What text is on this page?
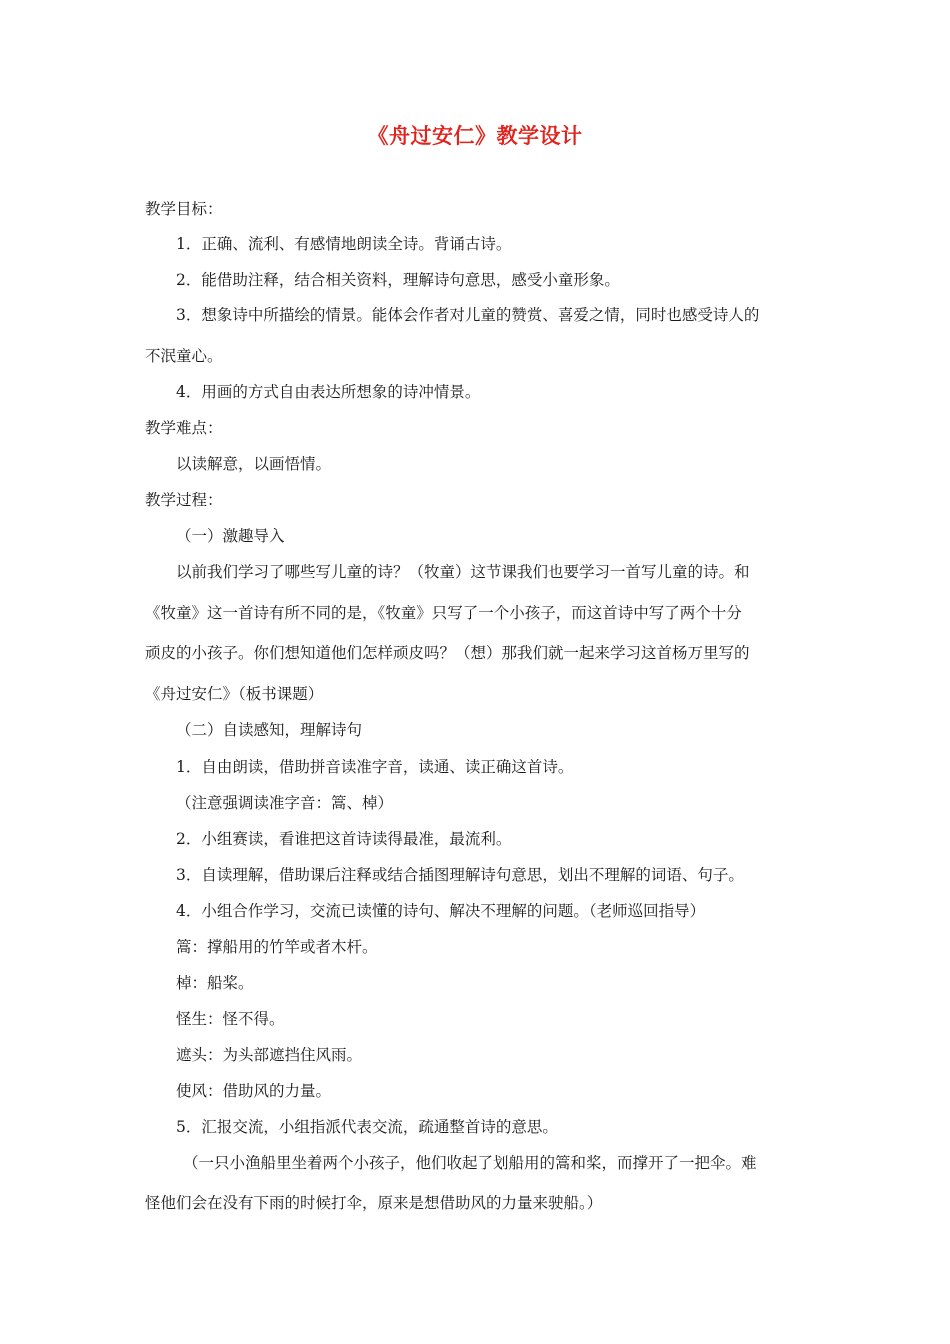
《舟过安仁》教学设计
教学目标：
1．正确、流利、有感情地朗读全诗。背诵古诗。
2．能借助注释，结合相关资料，理解诗句意思，感受小童形象。
3．想象诗中所描绘的情景。能体会作者对儿童的赞赏、喜爱之情，同时也感受诗人的
不泯童心。
4．用画的方式自由表达所想象的诗冲情景。
教学难点：
以读解意，以画悟情。
教学过程：
（一）激趣导入
以前我们学习了哪些写儿童的诗？（牧童）这节课我们也要学习一首写儿童的诗。和
《牧童》这一首诗有所不同的是，《牧童》只写了一个小孩子，而这首诗中写了两个十分
顽皮的小孩子。你们想知道他们怎样顽皮吗？（想）那我们就一起来学习这首杨万里写的
《舟过安仁》（板书课题）
（二）自读感知，理解诗句
1．自由朗读，借助拼音读准字音，读通、读正确这首诗。
（注意强调读准字音：篙、棹）
2．小组赛读，看谁把这首诗读得最准，最流利。
3．自读理解，借助课后注释或结合插图理解诗句意思，划出不理解的词语、句子。
4．小组合作学习，交流已读懂的诗句、解决不理解的问题。（老师巡回指导）
篙：撑船用的竹竿或者木杆。
棹：船桨。
怪生：怪不得。
遮头：为头部遮挡住风雨。
使风：借助风的力量。
5．汇报交流，小组指派代表交流，疏通整首诗的意思。
（一只小渔船里坐着两个小孩子，他们收起了划船用的篙和桨，而撑开了一把伞。难
怪他们会在没有下雨的时候打伞，原来是想借助风的力量来驶船。）
